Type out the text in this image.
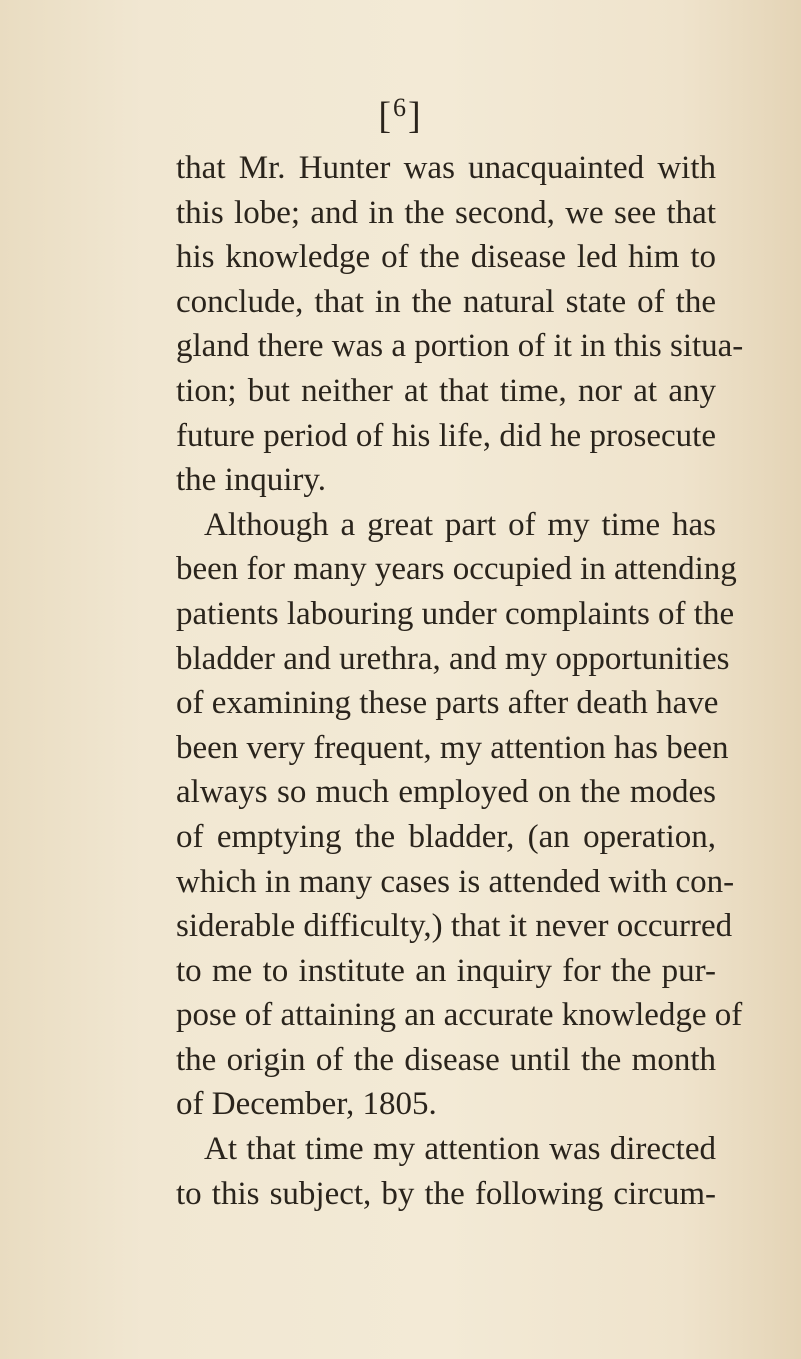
[$^6$]
that Mr. Hunter was unacquainted with
this lobe; and in the second, we see that
his knowledge of the disease led him to
conclude, that in the natural state of the
gland there was a portion of it in this situa-
tion; but neither at that time, nor at any
future period of his life, did he prosecute
the inquiry.
Although a great part of my time has
been for many years occupied in attending
patients labouring under complaints of the
bladder and urethra, and my opportunities
of examining these parts after death have
been very frequent, my attention has been
always so much employed on the modes
of emptying the bladder, (an operation,
which in many cases is attended with con-
siderable difficulty,) that it never occurred
to me to institute an inquiry for the pur-
pose of attaining an accurate knowledge of
the origin of the disease until the month
of December, 1805.
At that time my attention was directed
to this subject, by the following circum-
